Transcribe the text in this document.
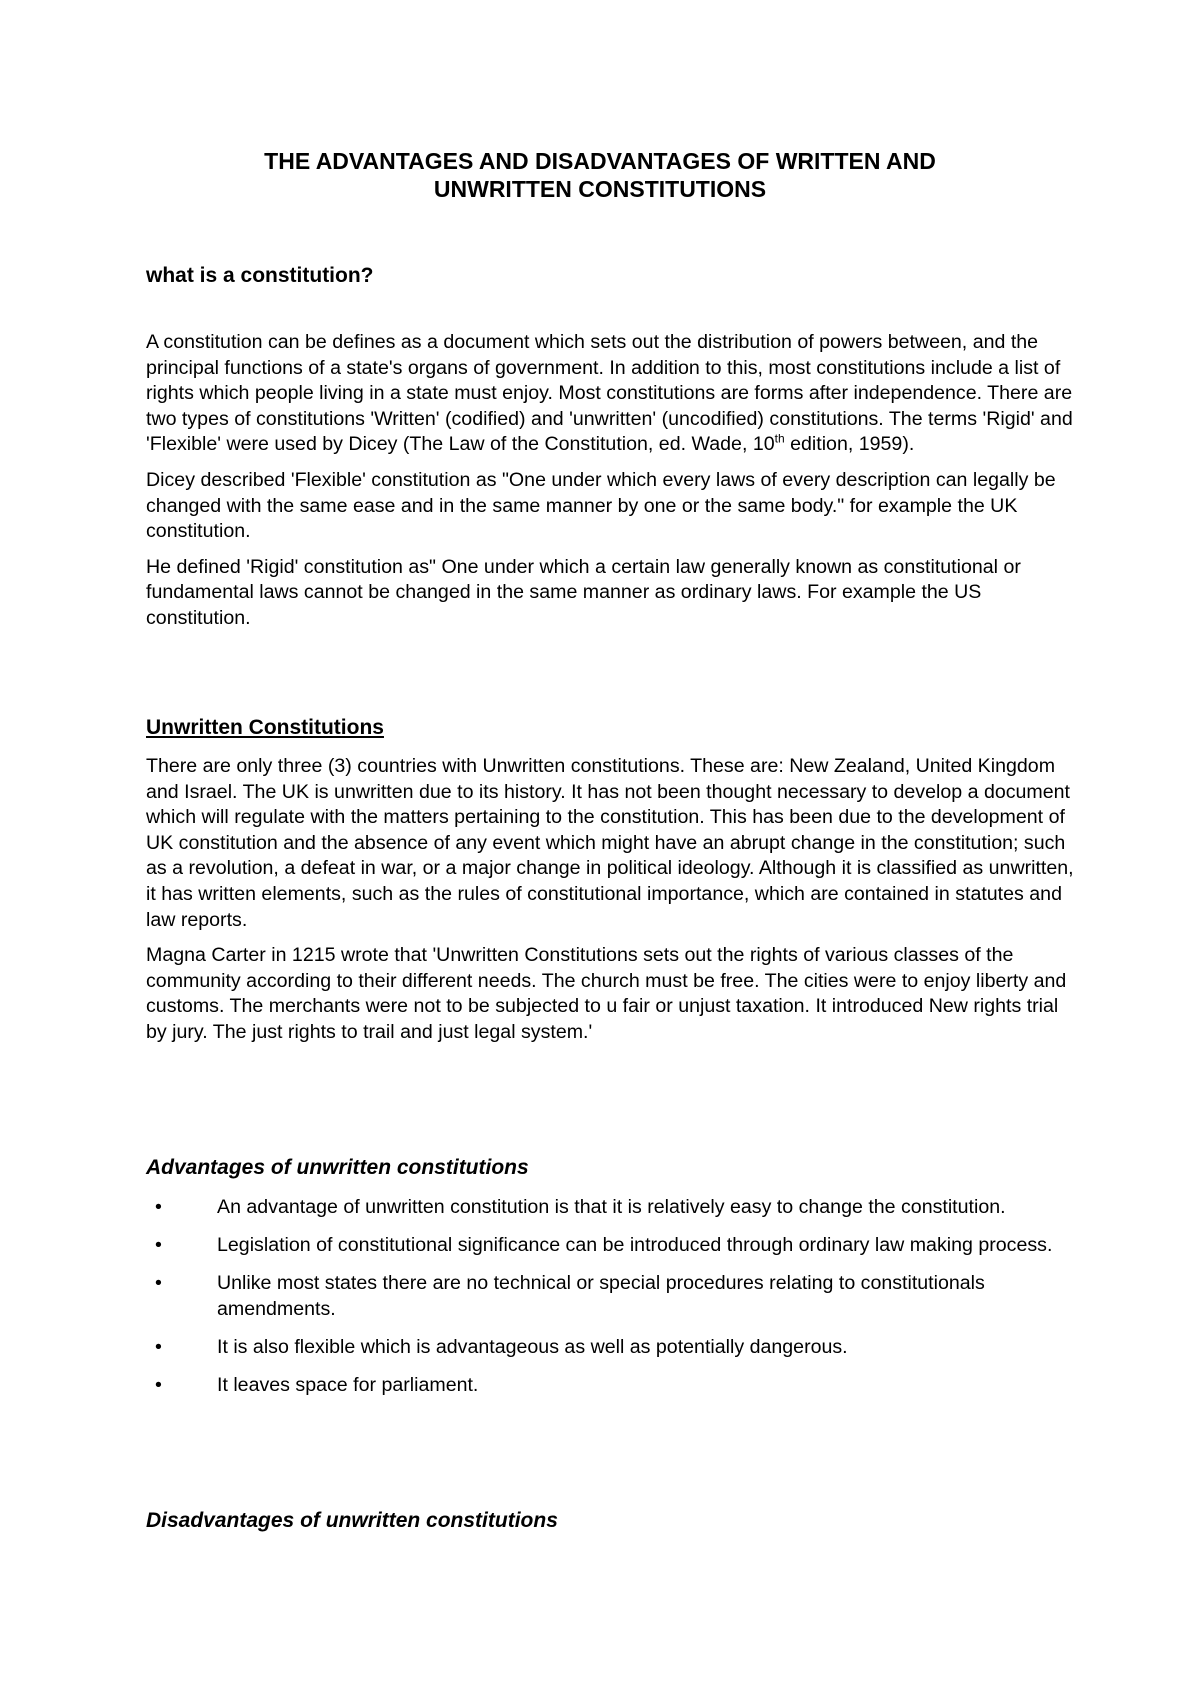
THE ADVANTAGES AND DISADVANTAGES OF WRITTEN AND
UNWRITTEN CONSTITUTIONS
what is a constitution?

A constitution can be defines as a document which sets out the distribution of powers between, and the principal functions of a state's organs of government. In addition to this, most constitutions include a list of rights which people living in a state must enjoy. Most constitutions are forms after independence. There are two types of constitutions 'Written' (codified) and 'unwritten' (uncodified) constitutions. The terms 'Rigid' and 'Flexible' were used by Dicey (The Law of the Constitution, ed. Wade, 10th edition, 1959).

Dicey described 'Flexible' constitution as "One under which every laws of every description can legally be changed with the same ease and in the same manner by one or the same body." for example the UK constitution.

He defined 'Rigid' constitution as" One under which a certain law generally known as constitutional or fundamental laws cannot be changed in the same manner as ordinary laws. For example the US constitution.

Unwritten Constitutions

There are only three (3) countries with Unwritten constitutions. These are: New Zealand, United Kingdom and Israel. The UK is unwritten due to its history. It has not been thought necessary to develop a document which will regulate with the matters pertaining to the constitution. This has been due to the development of UK constitution and the absence of any event which might have an abrupt change in the constitution; such as a revolution, a defeat in war, or a major change in political ideology. Although it is classified as unwritten, it has written elements, such as the rules of constitutional importance, which are contained in statutes and law reports.

Magna Carter in 1215 wrote that 'Unwritten Constitutions sets out the rights of various classes of the community according to their different needs. The church must be free. The cities were to enjoy liberty and customs. The merchants were not to be subjected to u fair or unjust taxation. It introduced New rights trial by jury. The just rights to trail and just legal system.'

Advantages of unwritten constitutions

•	An advantage of unwritten constitution is that it is relatively easy to change the constitution.

•	Legislation of constitutional significance can be introduced through ordinary law making process.

•	Unlike most states there are no technical or special procedures relating to constitutionals amendments.

•	It is also flexible which is advantageous as well as potentially dangerous.

•	It leaves space for parliament.

Disadvantages of unwritten constitutions
